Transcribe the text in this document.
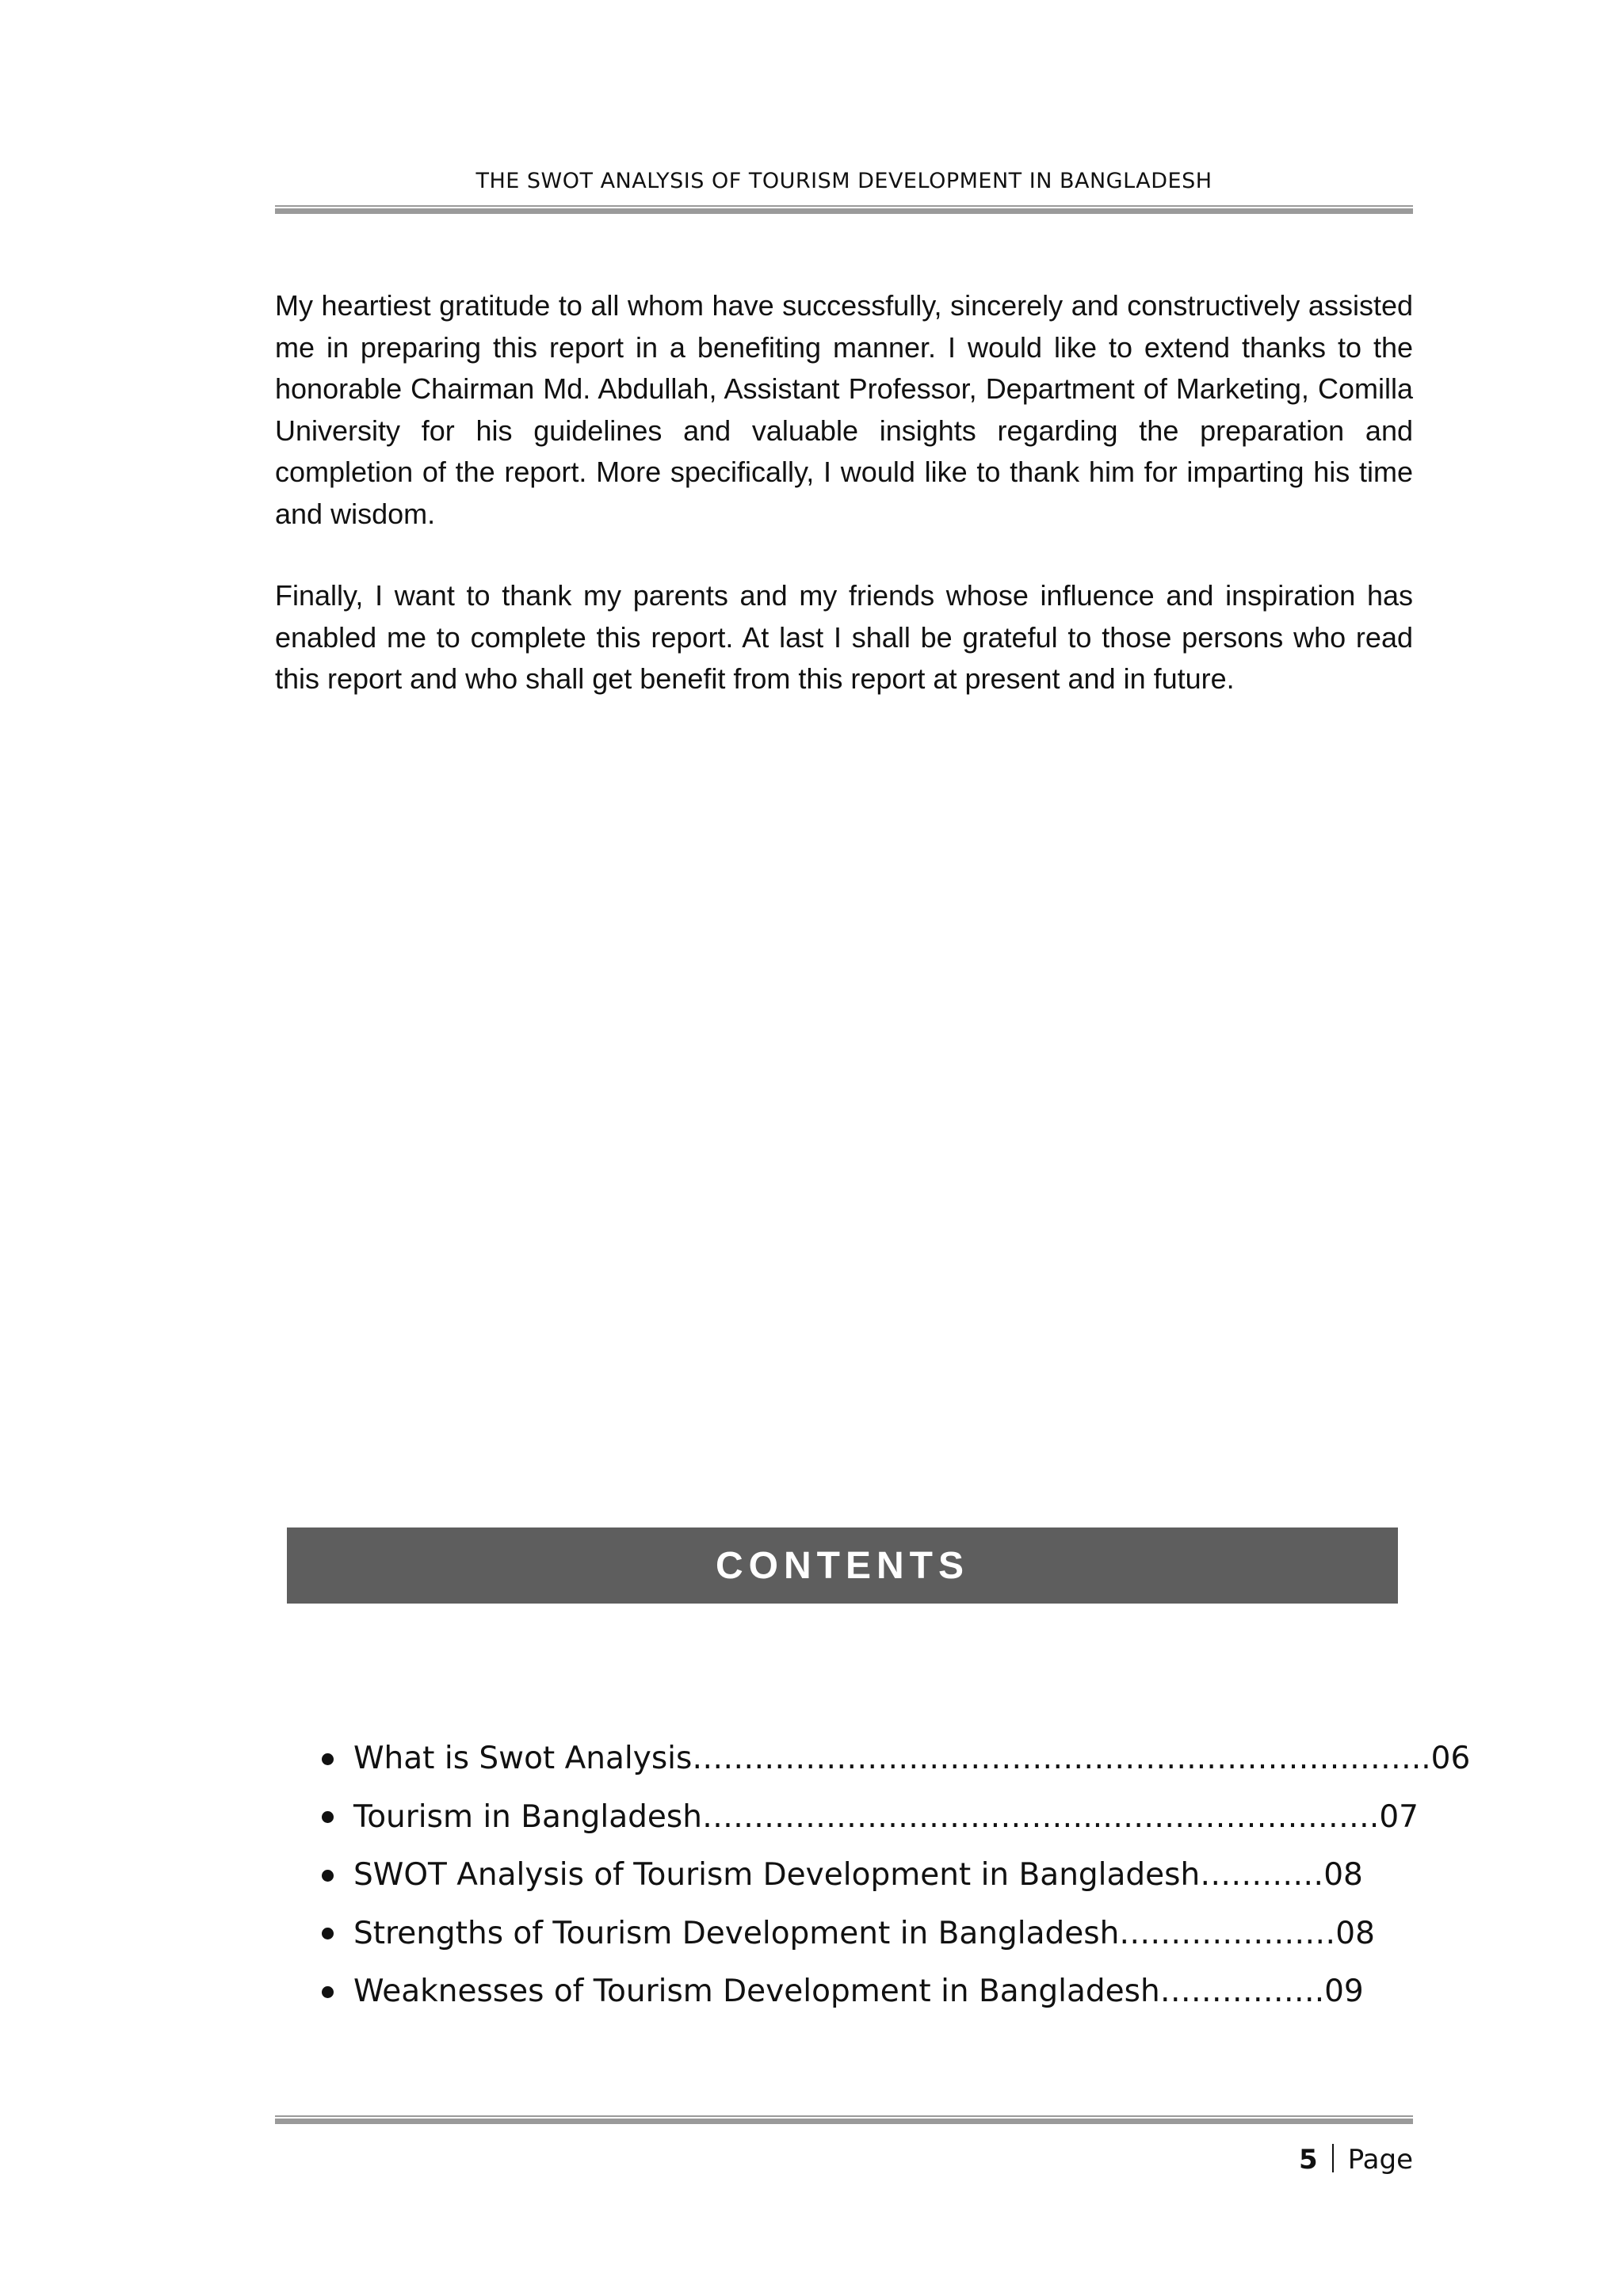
THE SWOT ANALYSIS OF TOURISM DEVELOPMENT IN BANGLADESH

My heartiest gratitude to all whom have successfully, sincerely and constructively assisted me in preparing this report in a benefiting manner. I would like to extend thanks to the honorable Chairman Md. Abdullah, Assistant Professor, Department of Marketing, Comilla University for his guidelines and valuable insights regarding the preparation and completion of the report. More specifically, I would like to thank him for imparting his time and wisdom.

Finally, I want to thank my parents and my friends whose influence and inspiration has enabled me to complete this report. At last I shall be grateful to those persons who read this report and who shall get benefit from this report at present and in future.

CONTENTS
What is Swot Analysis…………………………………………..….……….……..06
Tourism in Bangladesh……………………….………..……….……….…….07
SWOT Analysis of Tourism Development in Bangladesh…………08
Strengths of Tourism Development in Bangladesh…………………08
Weaknesses of Tourism Development in Bangladesh…………….09
5 Page
